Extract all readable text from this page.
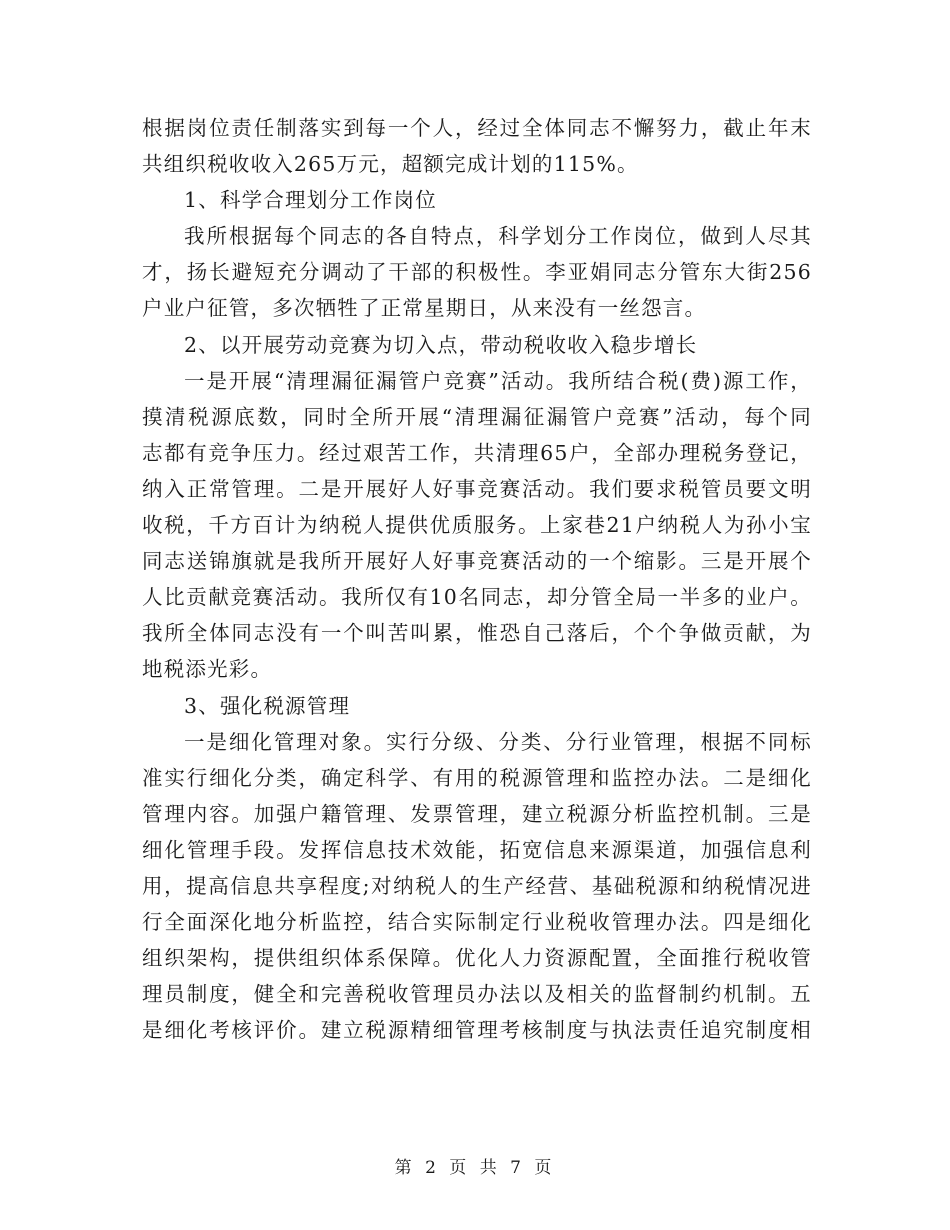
根据岗位责任制落实到每一个人，经过全体同志不懈努力，截止年末
共组织税收收入265万元，超额完成计划的115%。
1、科学合理划分工作岗位
我所根据每个同志的各自特点，科学划分工作岗位，做到人尽其
才，扬长避短充分调动了干部的积极性。李亚娟同志分管东大街256
户业户征管，多次牺牲了正常星期日，从来没有一丝怨言。
2、以开展劳动竞赛为切入点，带动税收收入稳步增长
一是开展“清理漏征漏管户竞赛”活动。我所结合税(费)源工作，
摸清税源底数，同时全所开展“清理漏征漏管户竞赛”活动，每个同
志都有竞争压力。经过艰苦工作，共清理65户，全部办理税务登记，
纳入正常管理。二是开展好人好事竞赛活动。我们要求税管员要文明
收税，千方百计为纳税人提供优质服务。上家巷21户纳税人为孙小宝
同志送锦旗就是我所开展好人好事竞赛活动的一个缩影。三是开展个
人比贡献竞赛活动。我所仅有10名同志，却分管全局一半多的业户。
我所全体同志没有一个叫苦叫累，惟恐自己落后，个个争做贡献，为
地税添光彩。
3、强化税源管理
一是细化管理对象。实行分级、分类、分行业管理，根据不同标
准实行细化分类，确定科学、有用的税源管理和监控办法。二是细化
管理内容。加强户籍管理、发票管理，建立税源分析监控机制。三是
细化管理手段。发挥信息技术效能，拓宽信息来源渠道，加强信息利
用，提高信息共享程度;对纳税人的生产经营、基础税源和纳税情况进
行全面深化地分析监控，结合实际制定行业税收管理办法。四是细化
组织架构，提供组织体系保障。优化人力资源配置，全面推行税收管
理员制度，健全和完善税收管理员办法以及相关的监督制约机制。五
是细化考核评价。建立税源精细管理考核制度与执法责任追究制度相
第 2 页 共 7 页
